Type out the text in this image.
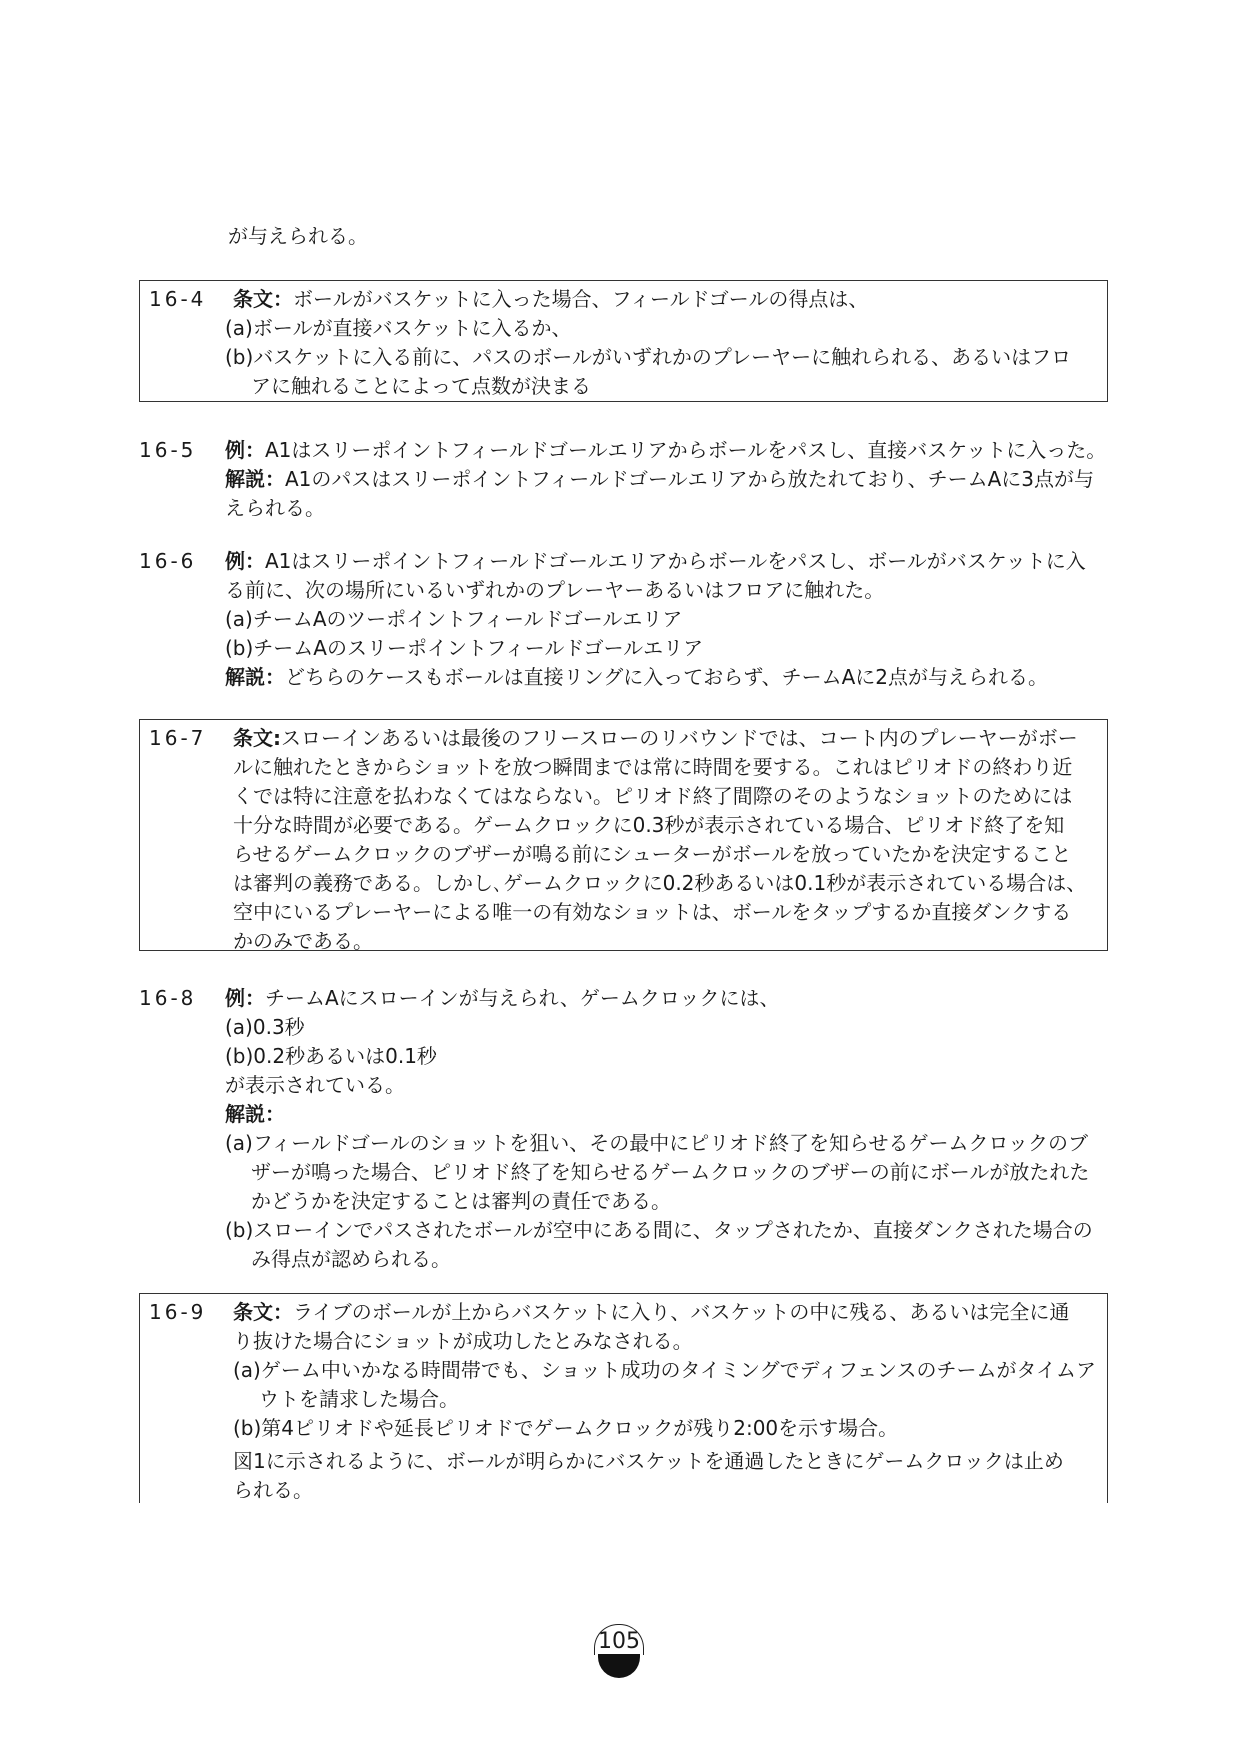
が与えられる。
16-4 条文：ボールがバスケットに入った場合、フィールドゴールの得点は、
(a)ボールが直接バスケットに入るか、
(b)バスケットに入る前に、パスのボールがいずれかのプレーヤーに触れられる、あるいはフロ
アに触れることによって点数が決まる
16-5 例：A1はスリーポイントフィールドゴールエリアからボールをパスし、直接バスケットに入った。
解説：A1のパスはスリーポイントフィールドゴールエリアから放たれており、チームAに3点が与
えられる。
16-6 例：A1はスリーポイントフィールドゴールエリアからボールをパスし、ボールがバスケットに入
る前に、次の場所にいるいずれかのプレーヤーあるいはフロアに触れた。
(a)チームAのツーポイントフィールドゴールエリア
(b)チームAのスリーポイントフィールドゴールエリア
解説：どちらのケースもボールは直接リングに入っておらず、チームAに2点が与えられる。
16-7 条文:スローインあるいは最後のフリースローのリバウンドでは、コート内のプレーヤーがボー
ルに触れたときからショットを放つ瞬間までは常に時間を要する。これはピリオドの終わり近
くでは特に注意を払わなくてはならない。ピリオド終了間際のそのようなショットのためには
十分な時間が必要である。ゲームクロックに0.3秒が表示されている場合、ピリオド終了を知
らせるゲームクロックのブザーが鳴る前にシューターがボールを放っていたかを決定すること
は審判の義務である。しかし､ゲームクロックに0.2秒あるいは0.1秒が表示されている場合は、
空中にいるプレーヤーによる唯一の有効なショットは、ボールをタップするか直接ダンクする
かのみである。
16-8 例：チームAにスローインが与えられ、ゲームクロックには、
(a)0.3秒
(b)0.2秒あるいは0.1秒
が表示されている。
解説：
(a)フィールドゴールのショットを狙い、その最中にピリオド終了を知らせるゲームクロックのブ
ザーが鳴った場合、ピリオド終了を知らせるゲームクロックのブザーの前にボールが放たれた
かどうかを決定することは審判の責任である。
(b)スローインでパスされたボールが空中にある間に、タップされたか、直接ダンクされた場合の
み得点が認められる。
16-9 条文：ライブのボールが上からバスケットに入り、バスケットの中に残る、あるいは完全に通
り抜けた場合にショットが成功したとみなされる。
(a)ゲーム中いかなる時間帯でも、ショット成功のタイミングでディフェンスのチームがタイムア
ウトを請求した場合。
(b)第4ピリオドや延長ピリオドでゲームクロックが残り2:00を示す場合。
図1に示されるように、ボールが明らかにバスケットを通過したときにゲームクロックは止め
られる。
105
